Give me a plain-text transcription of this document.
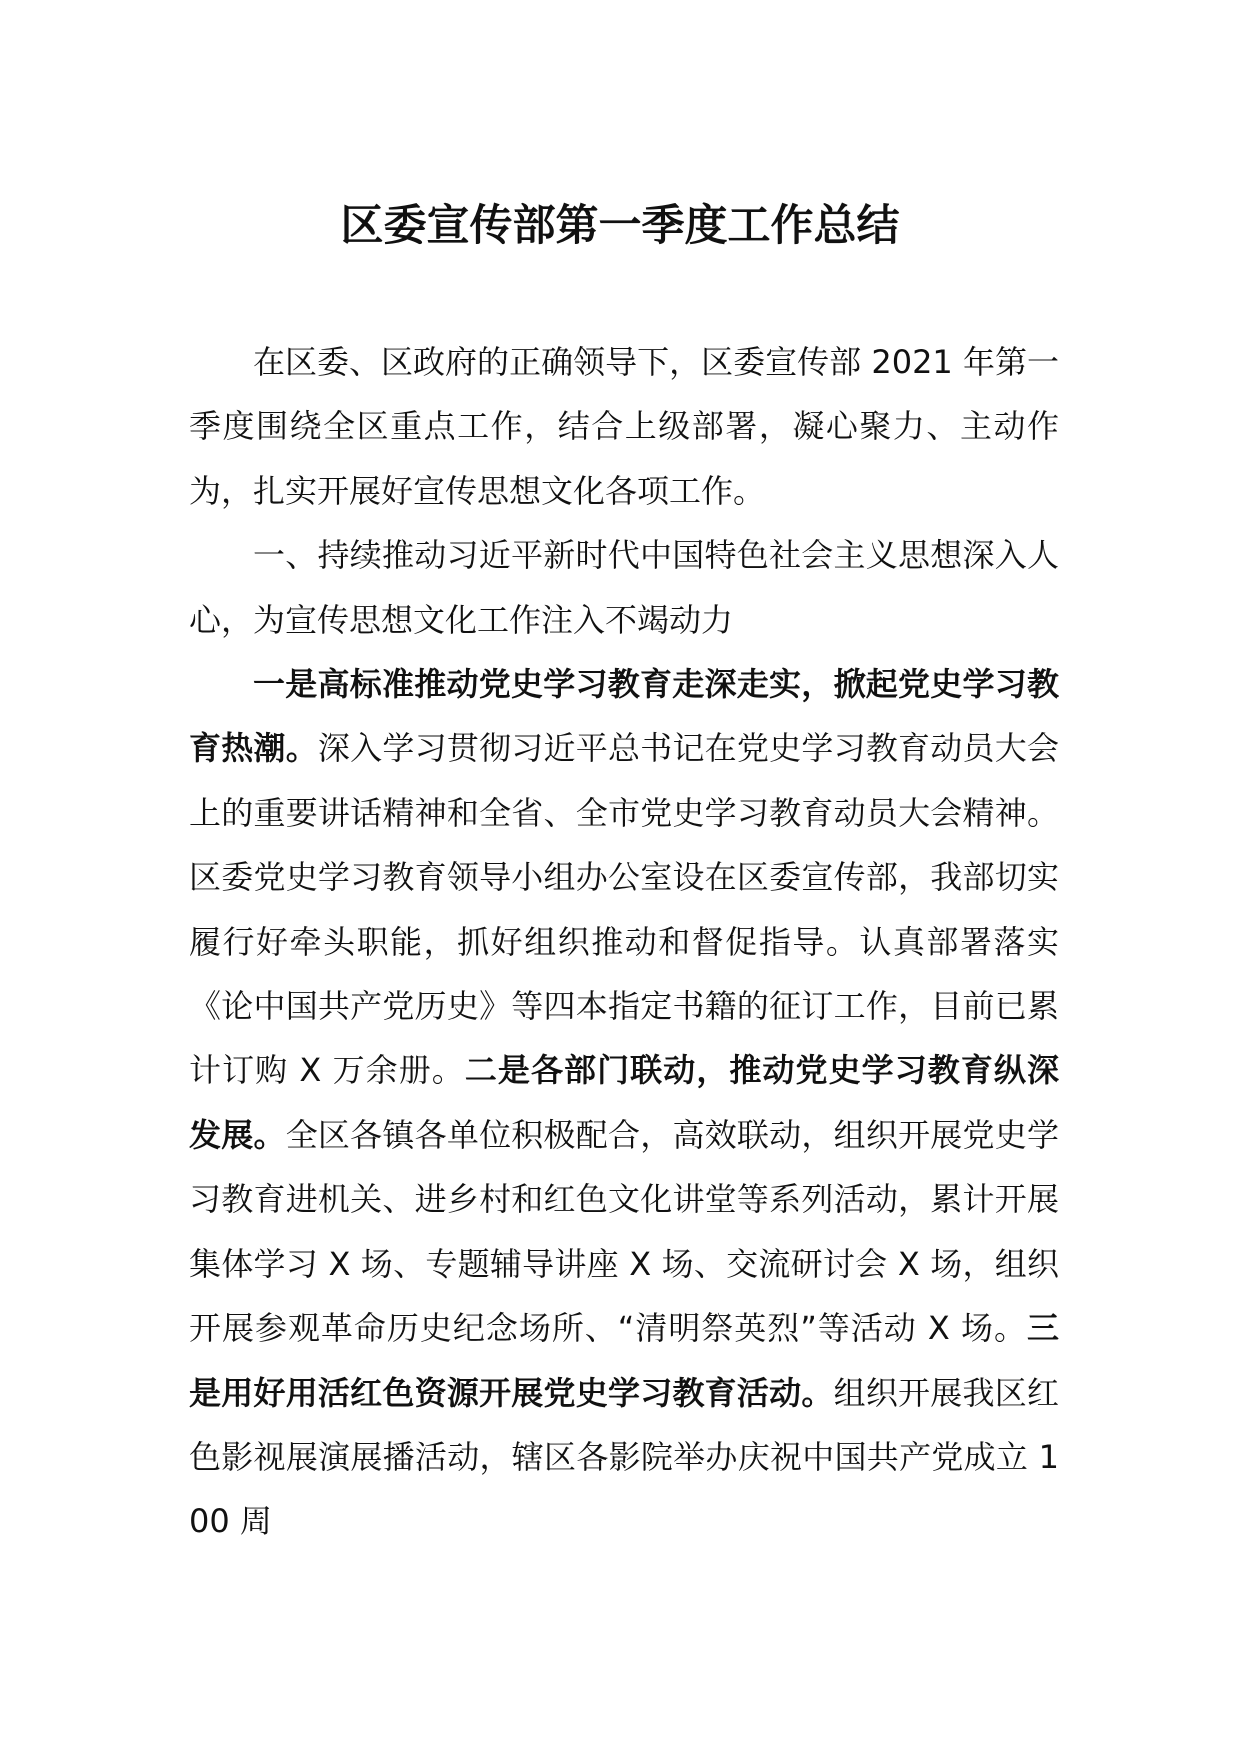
区委宣传部第一季度工作总结

在区委、区政府的正确领导下，区委宣传部 2021 年第一季度围绕全区重点工作，结合上级部署，凝心聚力、主动作为，扎实开展好宣传思想文化各项工作。

一、持续推动习近平新时代中国特色社会主义思想深入人心，为宣传思想文化工作注入不竭动力

一是高标准推动党史学习教育走深走实，掀起党史学习教育热潮。深入学习贯彻习近平总书记在党史学习教育动员大会上的重要讲话精神和全省、全市党史学习教育动员大会精神。区委党史学习教育领导小组办公室设在区委宣传部，我部切实履行好牵头职能，抓好组织推动和督促指导。认真部署落实《论中国共产党历史》等四本指定书籍的征订工作，目前已累计订购 X 万余册。二是各部门联动，推动党史学习教育纵深发展。全区各镇各单位积极配合，高效联动，组织开展党史学习教育进机关、进乡村和红色文化讲堂等系列活动，累计开展集体学习 X 场、专题辅导讲座 X 场、交流研讨会 X 场，组织开展参观革命历史纪念场所、“清明祭英烈”等活动 X 场。三是用好用活红色资源开展党史学习教育活动。组织开展我区红色影视展演展播活动，辖区各影院举办庆祝中国共产党成立 100 周
